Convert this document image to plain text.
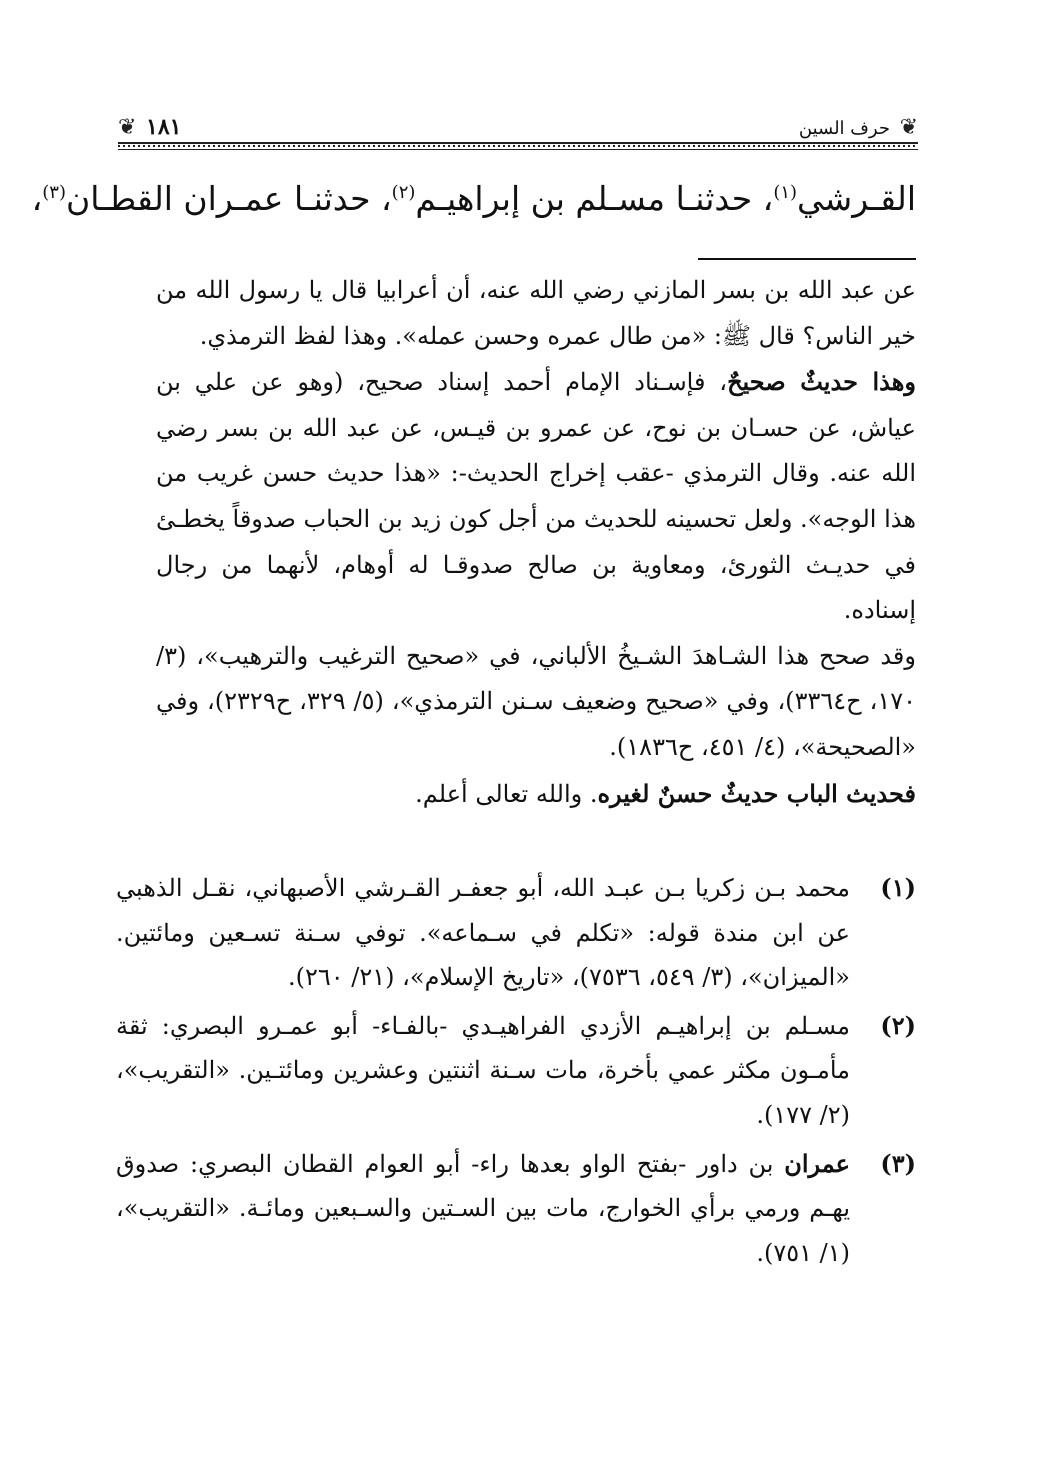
❦
حرف السين
١٨١
❦
القـرشي$^{(١)}$، حدثنـا مسـلم بن إبراهيـم$^{(٢)}$، حدثنـا عمـران القطـان$^{(٣)}$،

عن عبد الله بن بسر المازني رضي الله عنه، أن أعرابيا قال يا رسول الله من خير الناس؟ قال ﷺ: «من طال عمره وحسن عمله». وهذا لفظ الترمذي.

وهذا حديثٌ صحيحٌ، فإسـناد الإمام أحمد إسناد صحيح، (وهو عن علي بن عياش، عن حسـان بن نوح، عن عمرو بن قيـس، عن عبد الله بن بسر رضي الله عنه. وقال الترمذي -عقب إخراج الحديث-: «هذا حديث حسن غريب من هذا الوجه». ولعل تحسينه للحديث من أجل كون زيد بن الحباب صدوقاً يخطـئ في حديـث الثورئ، ومعاوية بن صالح صدوقـا له أوهام، لأنهما من رجال إسناده.

وقد صحح هذا الشـاهدَ الشـيخُ الألباني، في «صحيح الترغيب والترهيب»، (٣/ ١٧٠، ح٣٣٦٤)، وفي «صحيح وضعيف سـنن الترمذي»، (٥/ ٣٢٩، ح٢٣٢٩)، وفي «الصحيحة»، (٤/ ٤٥١، ح١٨٣٦).

فحديث الباب حديثٌ حسنٌ لغيره. والله تعالى أعلم.

(١)
محمد بـن زكريا بـن عبـد الله، أبو جعفـر القـرشي الأصبهاني، نقـل الذهبي عن ابن مندة قوله: «تكلم في سـماعه». توفي سـنة تسـعين ومائتين. «الميزان»، (٣/ ٥٤٩، ٧٥٣٦)، «تاريخ الإسلام»، (٢١/ ٢٦٠).
(٢)
مسـلم بن إبراهيـم الأزدي الفراهيـدي -بالفـاء- أبو عمـرو البصري: ثقة مأمـون مكثر عمي بأخرة، مات سـنة اثنتين وعشرين ومائتـين. «التقريب»، (٢/ ١٧٧).
(٣)
عمران بن داور -بفتح الواو بعدها راء- أبو العوام القطان البصري: صدوق يهـم ورمي برأي الخوارج، مات بين السـتين والسـبعين ومائـة. «التقريب»، (١/ ٧٥١).
